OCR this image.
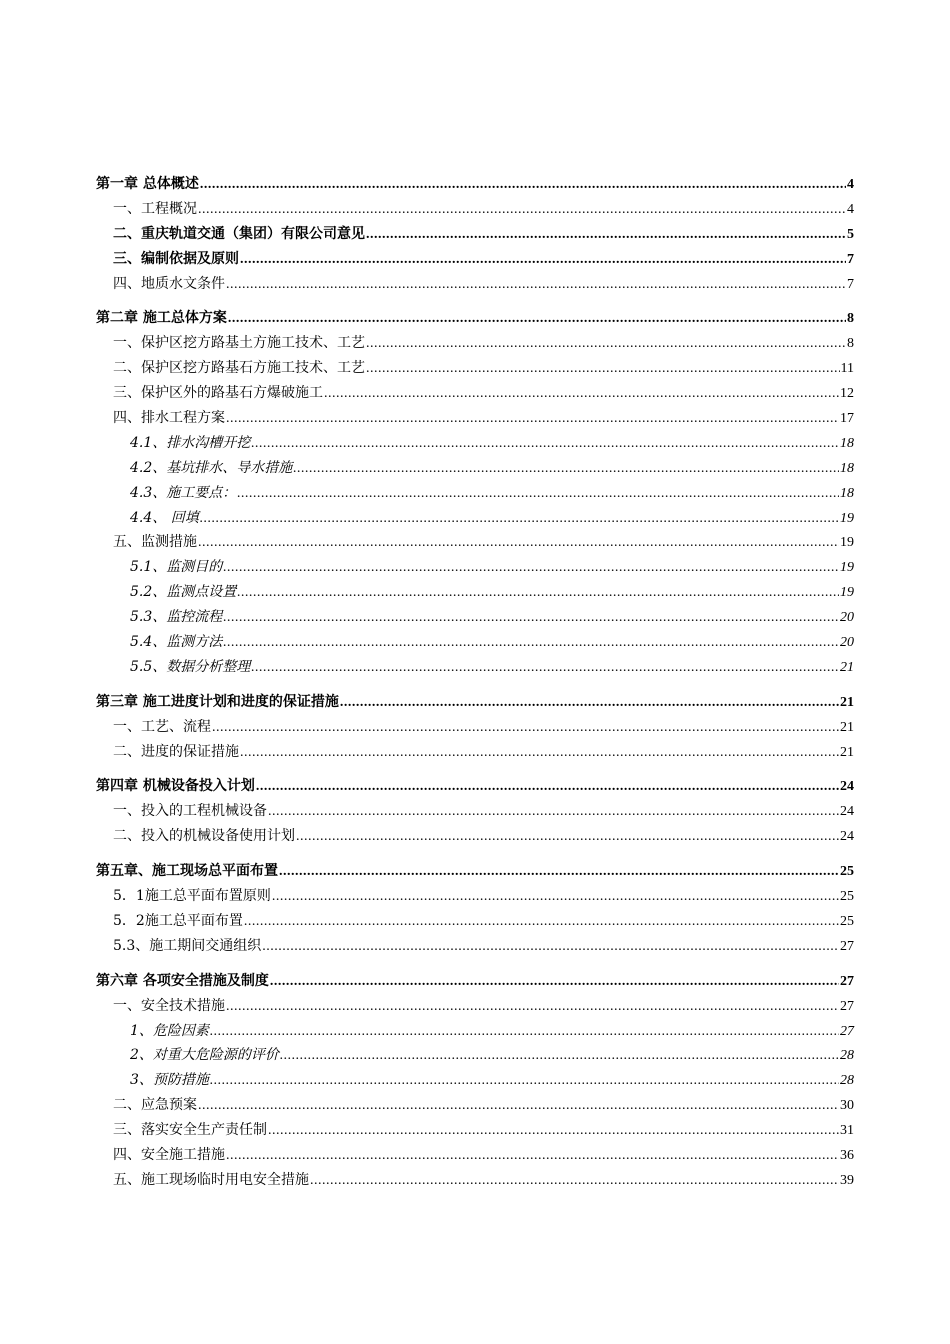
第一章 总体概述 .....	4
一、工程概况 .....	4
二、重庆轨道交通（集团）有限公司意见 .....	5
三、编制依据及原则 .....	7
四、地质水文条件 .....	7
第二章 施工总体方案 .....	8
一、保护区挖方路基土方施工技术、工艺 .....	8
二、保护区挖方路基石方施工技术、工艺 .....	11
三、保护区外的路基石方爆破施工 .....	12
四、排水工程方案 .....	17
4.1、排水沟槽开挖 .....	18
4.2、基坑排水、导水措施 .....	18
4.3、施工要点： .....	18
4.4、 回填 .....	19
五、监测措施 .....	19
5.1、监测目的 .....	19
5.2、监测点设置 .....	19
5.3、监控流程 .....	20
5.4、监测方法 .....	20
5.5、数据分析整理 .....	21
第三章 施工进度计划和进度的保证措施 .....	21
一、工艺、流程 .....	21
二、进度的保证措施 .....	21
第四章 机械设备投入计划 .....	24
一、投入的工程机械设备 .....	24
二、投入的机械设备使用计划 .....	24
第五章、施工现场总平面布置 .....	25
5．1施工总平面布置原则 .....	25
5．2施工总平面布置 .....	25
5.3、施工期间交通组织 .....	27
第六章 各项安全措施及制度 .....	27
一、安全技术措施 .....	27
1、危险因素 .....	27
2、对重大危险源的评价 .....	28
3、预防措施 .....	28
二、应急预案 .....	30
三、落实安全生产责任制 .....	31
四、安全施工措施 .....	36
五、施工现场临时用电安全措施 .....	39
